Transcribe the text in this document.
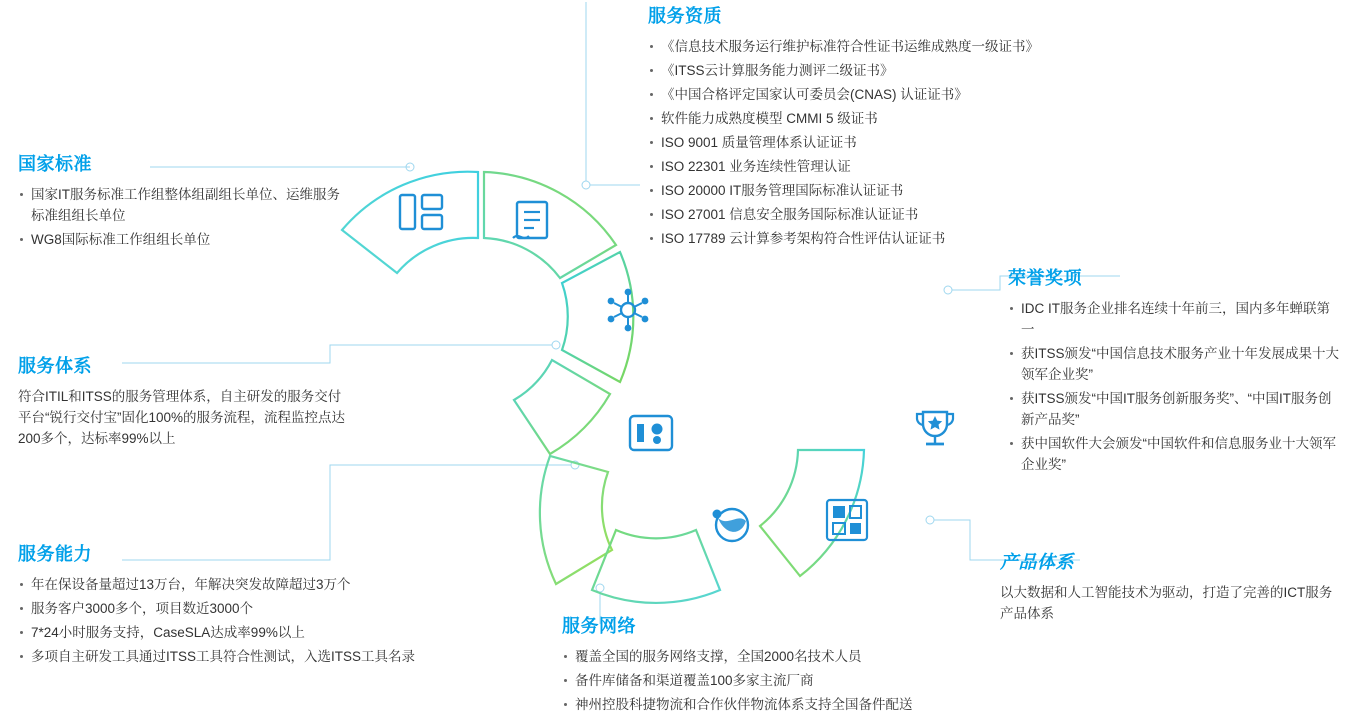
服务资质
《信息技术服务运行维护标准符合性证书运维成熟度一级证书》
《ITSS云计算服务能力测评二级证书》
《中国合格评定国家认可委员会(CNAS) 认证证书》
软件能力成熟度模型 CMMI 5 级证书
ISO 9001 质量管理体系认证证书
ISO 22301 业务连续性管理认证
ISO 20000 IT服务管理国际标准认证证书
ISO 27001 信息安全服务国际标准认证证书
ISO 17789 云计算参考架构符合性评估认证证书
国家标准
国家IT服务标准工作组整体组副组长单位、运维服务标准组组长单位
WG8国际标准工作组组长单位
服务体系

符合ITIL和ITSS的服务管理体系，自主研发的服务交付平台“锐行交付宝”固化100%的服务流程，流程监控点达200多个，达标率99%以上

服务能力
年在保设备量超过13万台，年解决突发故障超过3万个
服务客户3000多个，项目数近3000个
7*24小时服务支持，CaseSLA达成率99%以上
多项自主研发工具通过ITSS工具符合性测试，入选ITSS工具名录
服务网络
覆盖全国的服务网络支撑，全国2000名技术人员
备件库储备和渠道覆盖100多家主流厂商
神州控股科捷物流和合作伙伴物流体系支持全国备件配送
荣誉奖项
IDC IT服务企业排名连续十年前三，国内多年蝉联第一
获ITSS颁发“中国信息技术服务产业十年发展成果十大领军企业奖”
获ITSS颁发“中国IT服务创新服务奖”、“中国IT服务创新产品奖”
获中国软件大会颁发“中国软件和信息服务业十大领军企业奖”
产品体系

以大数据和人工智能技术为驱动，打造了完善的ICT服务产品体系
